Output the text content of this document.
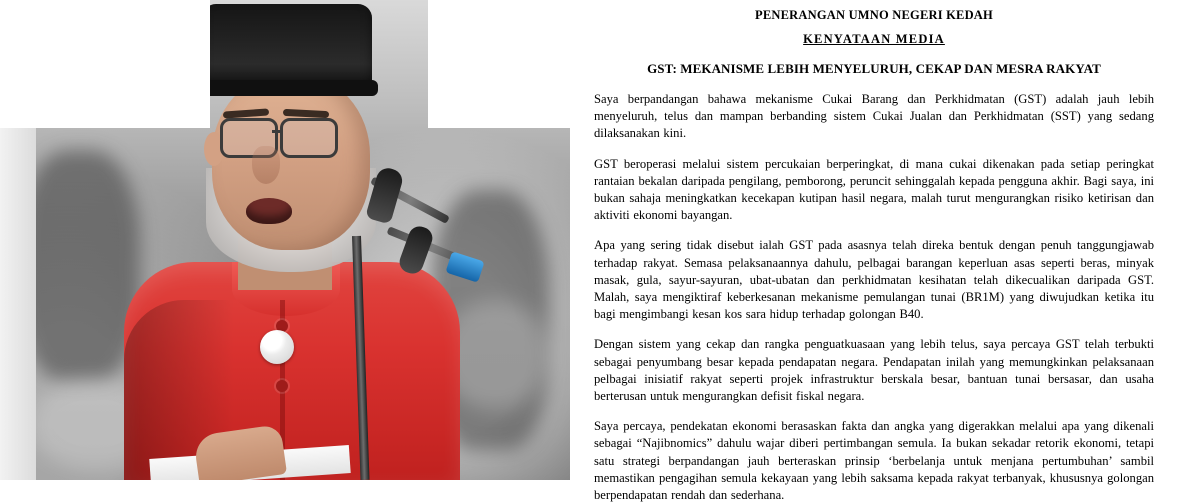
PENERANGAN UMNO NEGERI KEDAH
KENYATAAN MEDIA
GST: MEKANISME LEBIH MENYELURUH, CEKAP DAN MESRA RAKYAT

Saya berpandangan bahawa mekanisme Cukai Barang dan Perkhidmatan (GST) adalah jauh lebih menyeluruh, telus dan mampan berbanding sistem Cukai Jualan dan Perkhidmatan (SST) yang sedang dilaksanakan kini.

GST beroperasi melalui sistem percukaian berperingkat, di mana cukai dikenakan pada setiap peringkat rantaian bekalan daripada pengilang, pemborong, peruncit sehinggalah kepada pengguna akhir. Bagi saya, ini bukan sahaja meningkatkan kecekapan kutipan hasil negara, malah turut mengurangkan risiko ketirisan dan aktiviti ekonomi bayangan.

Apa yang sering tidak disebut ialah GST pada asasnya telah direka bentuk dengan penuh tanggungjawab terhadap rakyat. Semasa pelaksanaannya dahulu, pelbagai barangan keperluan asas seperti beras, minyak masak, gula, sayur-sayuran, ubat-ubatan dan perkhidmatan kesihatan telah dikecualikan daripada GST. Malah, saya mengiktiraf keberkesanan mekanisme pemulangan tunai (BR1M) yang diwujudkan ketika itu bagi mengimbangi kesan kos sara hidup terhadap golongan B40.

Dengan sistem yang cekap dan rangka penguatkuasaan yang lebih telus, saya percaya GST telah terbukti sebagai penyumbang besar kepada pendapatan negara. Pendapatan inilah yang memungkinkan pelaksanaan pelbagai inisiatif rakyat seperti projek infrastruktur berskala besar, bantuan tunai bersasar, dan usaha berterusan untuk mengurangkan defisit fiskal negara.

Saya percaya, pendekatan ekonomi berasaskan fakta dan angka yang digerakkan melalui apa yang dikenali sebagai “Najibnomics” dahulu wajar diberi pertimbangan semula. Ia bukan sekadar retorik ekonomi, tetapi satu strategi berpandangan jauh berteraskan prinsip ‘berbelanja untuk menjana pertumbuhan’ sambil memastikan pengagihan semula kekayaan yang lebih saksama kepada rakyat terbanyak, khususnya golongan berpendapatan rendah dan sederhana.
